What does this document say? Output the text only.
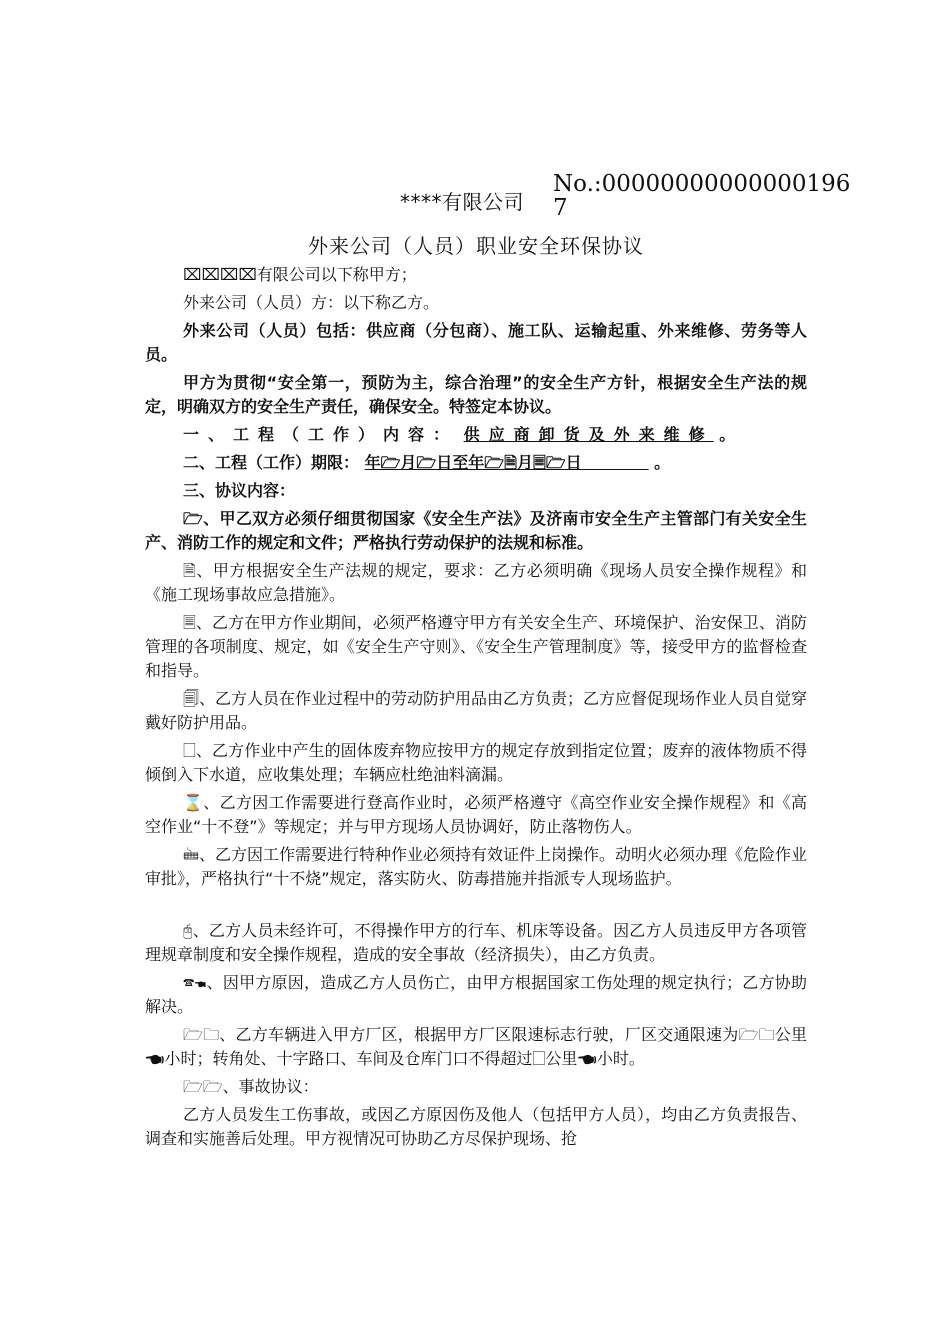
****有限公司
No.:000000000000001967
外来公司（人员）职业安全环保协议

⌧⌧⌧⌧有限公司以下称甲方；

外来公司（人员）方：以下称乙方。

外来公司（人员）包括：供应商（分包商）、施工队、运输起重、外来维修、劳务等人员。

甲方为贯彻“安全第一，预防为主，综合治理”的安全生产方针，根据安全生产法的规定，明确双方的安全生产责任，确保安全。特签定本协议。

一、工程（工作）内容： 供应商卸货及外来维修 。

二、工程（工作）期限： 年🗁月🗁日至年🗁🗎月🗏🗁日	。

三、协议内容：

🗁、甲乙双方必须仔细贯彻国家《安全生产法》及济南市安全生产主管部门有关安全生产、消防工作的规定和文件；严格执行劳动保护的法规和标准。

🗎、甲方根据安全生产法规的规定，要求：乙方必须明确《现场人员安全操作规程》和《施工现场事故应急措施》。

🗏、乙方在甲方作业期间，必须严格遵守甲方有关安全生产、环境保护、治安保卫、消防管理的各项制度、规定，如《安全生产守则》、《安全生产管理制度》等，接受甲方的监督检查和指导。

🗐、乙方人员在作业过程中的劳动防护用品由乙方负责；乙方应督促现场作业人员自觉穿戴好防护用品。

🗌、乙方作业中产生的固体废弃物应按甲方的规定存放到指定位置；废弃的液体物质不得倾倒入下水道，应收集处理；车辆应杜绝油料滴漏。

⌛、乙方因工作需要进行登高作业时，必须严格遵守《高空作业安全操作规程》和《高空作业“十不登”》等规定；并与甲方现场人员协调好，防止落物伤人。

🖮、乙方因工作需要进行特种作业必须持有效证件上岗操作。动明火必须办理《危险作业审批》，严格执行“十不烧”规定，落实防火、防毒措施并指派专人现场监护。

🖰、乙方人员未经许可，不得操作甲方的行车、机床等设备。因乙方人员违反甲方各项管理规章制度和安全操作规程，造成的安全事故（经济损失），由乙方负责。

🕿🖜、因甲方原因，造成乙方人员伤亡，由甲方根据国家工伤处理的规定执行；乙方协助解决。

🗁🗀、乙方车辆进入甲方厂区，根据甲方厂区限速标志行驶，厂区交通限速为🗁🗀公里🖜小时；转角处、十字路口、车间及仓库门口不得超过🗌公里🖜小时。

🗁🗁、事故协议：

乙方人员发生工伤事故，或因乙方原因伤及他人（包括甲方人员），均由乙方负责报告、调查和实施善后处理。甲方视情况可协助乙方尽保护现场、抢
